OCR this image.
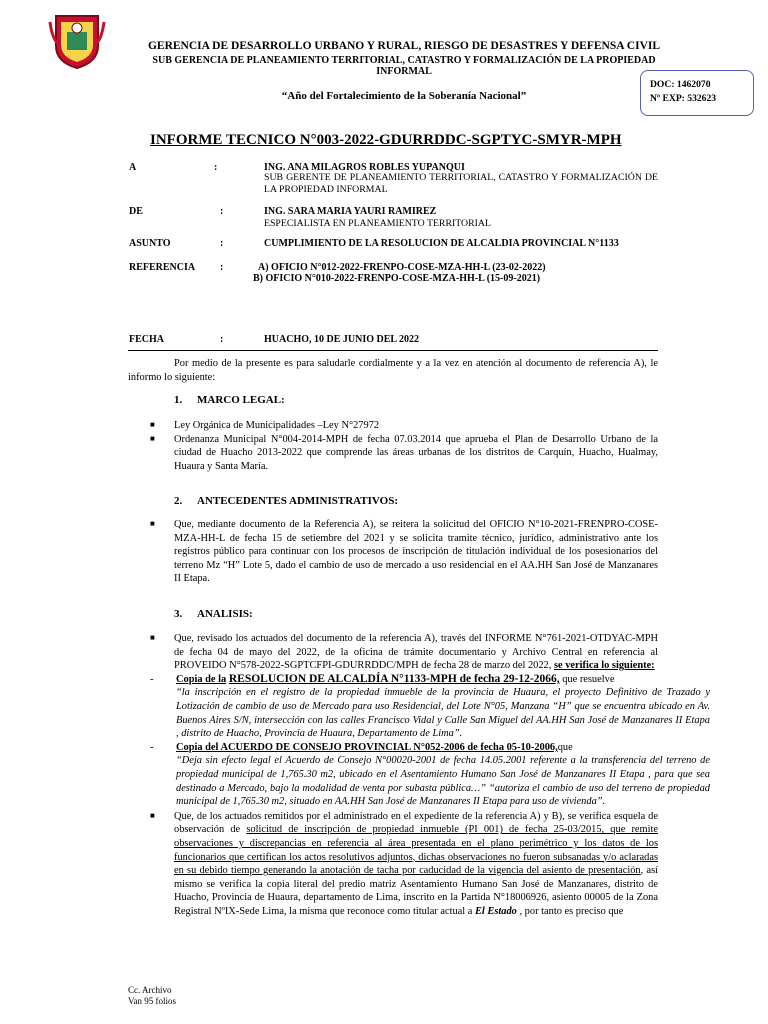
GERENCIA DE DESARROLLO URBANO Y RURAL, RIESGO DE DESASTRES Y DEFENSA CIVIL
SUB GERENCIA DE PLANEAMIENTO TERRITORIAL, CATASTRO Y FORMALIZACIÓN DE LA PROPIEDAD
INFORMAL
“Año del Fortalecimiento de la Soberanía Nacional”
DOC: 1462070
Nº EXP: 532623
INFORME TECNICO N°003-2022-GDURRDDC-SGPTYC-SMYR-MPH
A	:	ING. ANA MILAGROS ROBLES YUPANQUI
SUB GERENTE DE PLANEAMIENTO TERRITORIAL, CATASTRO Y FORMALIZACIÓN DE LA PROPIEDAD INFORMAL
DE	:	ING. SARA MARIA YAURI RAMIREZ
ESPECIALISTA EN PLANEAMIENTO TERRITORIAL
ASUNTO	:	CUMPLIMIENTO DE LA RESOLUCION DE ALCALDIA PROVINCIAL N°1133
REFERENCIA :	A) OFICIO N°012-2022-FRENPO-COSE-MZA-HH-L (23-02-2022)
B) OFICIO N°010-2022-FRENPO-COSE-MZA-HH-L (15-09-2021)
FECHA	:	HUACHO, 10 DE JUNIO DEL 2022
Por medio de la presente es para saludarle cordialmente y a la vez en atención al documento de referencia A), le informo lo siguiente:
1. MARCO LEGAL:
■ Ley Orgánica de Municipalidades –Ley N°27972
■ Ordenanza Municipal N°004-2014-MPH de fecha 07.03.2014 que aprueba el Plan de Desarrollo Urbano de la ciudad de Huacho 2013-2022 que comprende las áreas urbanas de los distritos de Carquín, Huacho, Hualmay, Huaura y Santa María.
2. ANTECEDENTES ADMINISTRATIVOS:
■ Que, mediante documento de la Referencia A), se reitera la solicitud del OFICIO N°10-2021-FRENPRO-COSE-MZA-HH-L de fecha 15 de setiembre del 2021 y se solicita tramite técnico, jurídico, administrativo ante los registros público para continuar con los procesos de inscripción de titulación individual de los posesionarios del terreno Mz “H” Lote 5, dado el cambio de uso de mercado a uso residencial en el AA.HH San José de Manzanares II Etapa.
3. ANALISIS:
■ Que, revisado los actuados del documento de la referencia A), través del INFORME N°761-2021-OTDYAC-MPH de fecha 04 de mayo del 2022, de la oficina de trámite documentario y Archivo Central en referencia al PROVEIDO N°578-2022-SGPTCFPI-GDURRDDC/MPH de fecha 28 de marzo del 2022, se verifica lo siguiente:
- Copia de la RESOLUCION DE ALCALDÍA N°1133-MPH de fecha 29-12-2066, que resuelve
“la inscripción en el registro de la propiedad inmueble de la provincia de Huaura, el proyecto Definitivo de Trazado y Lotización de cambio de uso de Mercado para uso Residencial, del Lote N°05, Manzana “H” que se encuentra ubicado en Av. Buenos Aires S/N, intersección con las calles Francisco Vidal y Calle San Miguel del AA.HH San José de Manzanares II Etapa , distrito de Huacho, Provincia de Huaura, Departamento de Lima”.
- Copia del ACUERDO DE CONSEJO PROVINCIAL N°052-2006 de fecha 05-10-2006,que
“Deja sin efecto legal el Acuerdo de Consejo N°00020-2001 de fecha 14.05.2001 referente a la transferencia del terreno de propiedad municipal de 1,765.30 m2, ubicado en el Asentamiento Humano San José de Manzanares II Etapa , para que sea destinado a Mercado, bajo la modalidad de venta por subasta pública…” “autoriza el cambio de uso del terreno de propiedad municipal de 1,765.30 m2, situado en AA.HH San José de Manzanares II Etapa para uso de vivienda”.
■ Que, de los actuados remitidos por el administrado en el expediente de la referencia A) y B), se verifica esquela de observación de solicitud de inscripción de propiedad inmueble (PI 001) de fecha 25-03/2015, que remite observaciones y discrepancias en referencia al área presentada en el plano perimétrico y los datos de los funcionarios que certifican los actos resolutivos adjuntos, dichas observaciones no fueron subsanadas y/o aclaradas en su debido tiempo generando la anotación de tacha por caducidad de la vigencia del asiento de presentación, así mismo se verifica la copia literal del predio matriz Asentamiento Humano San José de Manzanares, distrito de Huacho, Provincia de Huaura, departamento de Lima, inscrito en la Partida N°18006926, asiento 00005 de la Zona Registral NºIX-Sede Lima, la misma que reconoce como titular actual a El Estado , por tanto es preciso que
Cc. Archivo
Van 95 folios
